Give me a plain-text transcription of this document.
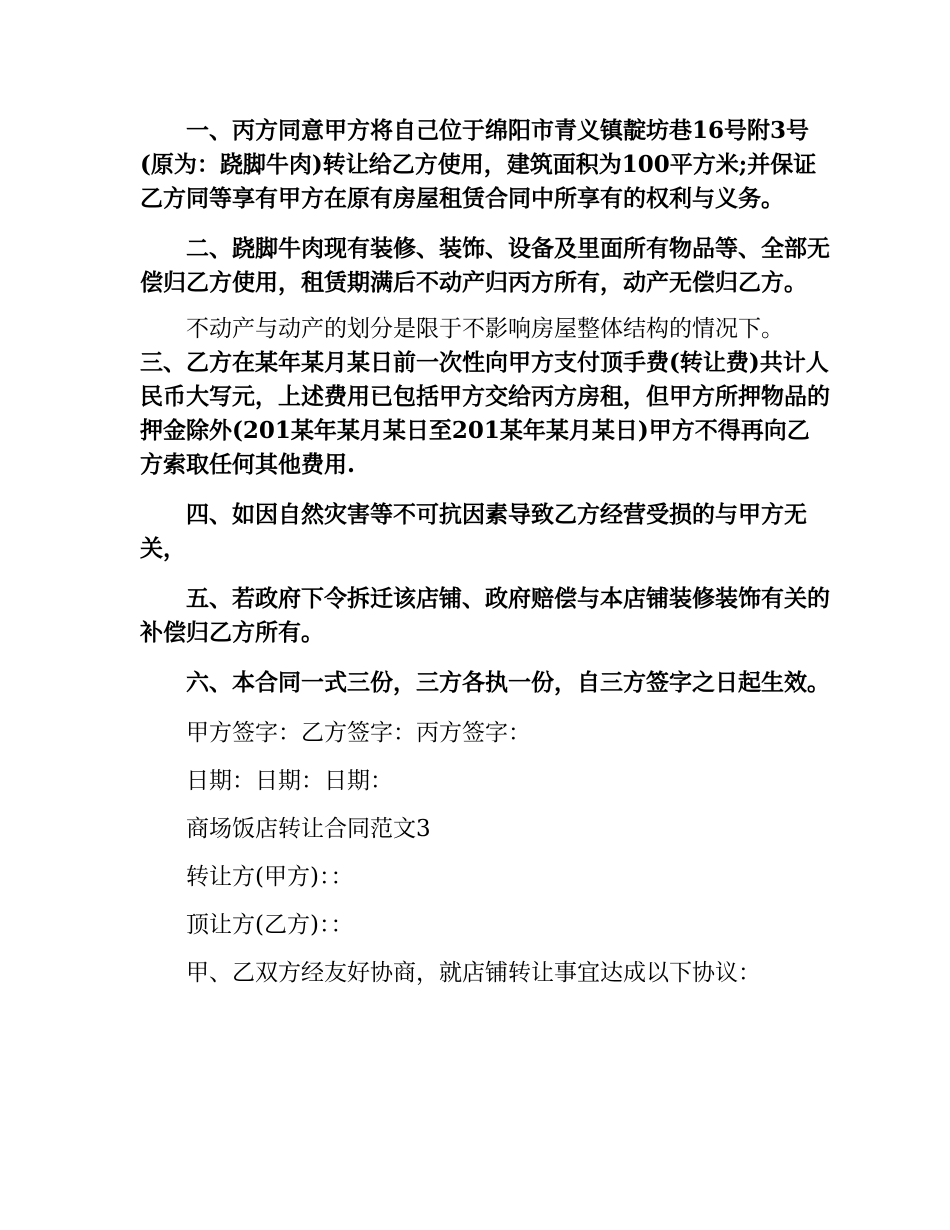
一、丙方同意甲方将自己位于绵阳市青义镇靛坊巷16号附3号(原为：跷脚牛肉)转让给乙方使用，建筑面积为100平方米;并保证乙方同等享有甲方在原有房屋租赁合同中所享有的权利与义务。

二、跷脚牛肉现有装修、装饰、设备及里面所有物品等、全部无偿归乙方使用，租赁期满后不动产归丙方所有，动产无偿归乙方。

不动产与动产的划分是限于不影响房屋整体结构的情况下。

三、乙方在某年某月某日前一次性向甲方支付顶手费(转让费)共计人民币大写元，上述费用已包括甲方交给丙方房租，但甲方所押物品的押金除外(201某年某月某日至201某年某月某日)甲方不得再向乙方索取任何其他费用.

四、如因自然灾害等不可抗因素导致乙方经营受损的与甲方无关，

五、若政府下令拆迁该店铺、政府赔偿与本店铺装修装饰有关的补偿归乙方所有。

六、本合同一式三份，三方各执一份，自三方签字之日起生效。

甲方签字：乙方签字：丙方签字：

日期：日期：日期：

商场饭店转让合同范文3

转让方(甲方)：：

顶让方(乙方)：：

甲、乙双方经友好协商，就店铺转让事宜达成以下协议：
